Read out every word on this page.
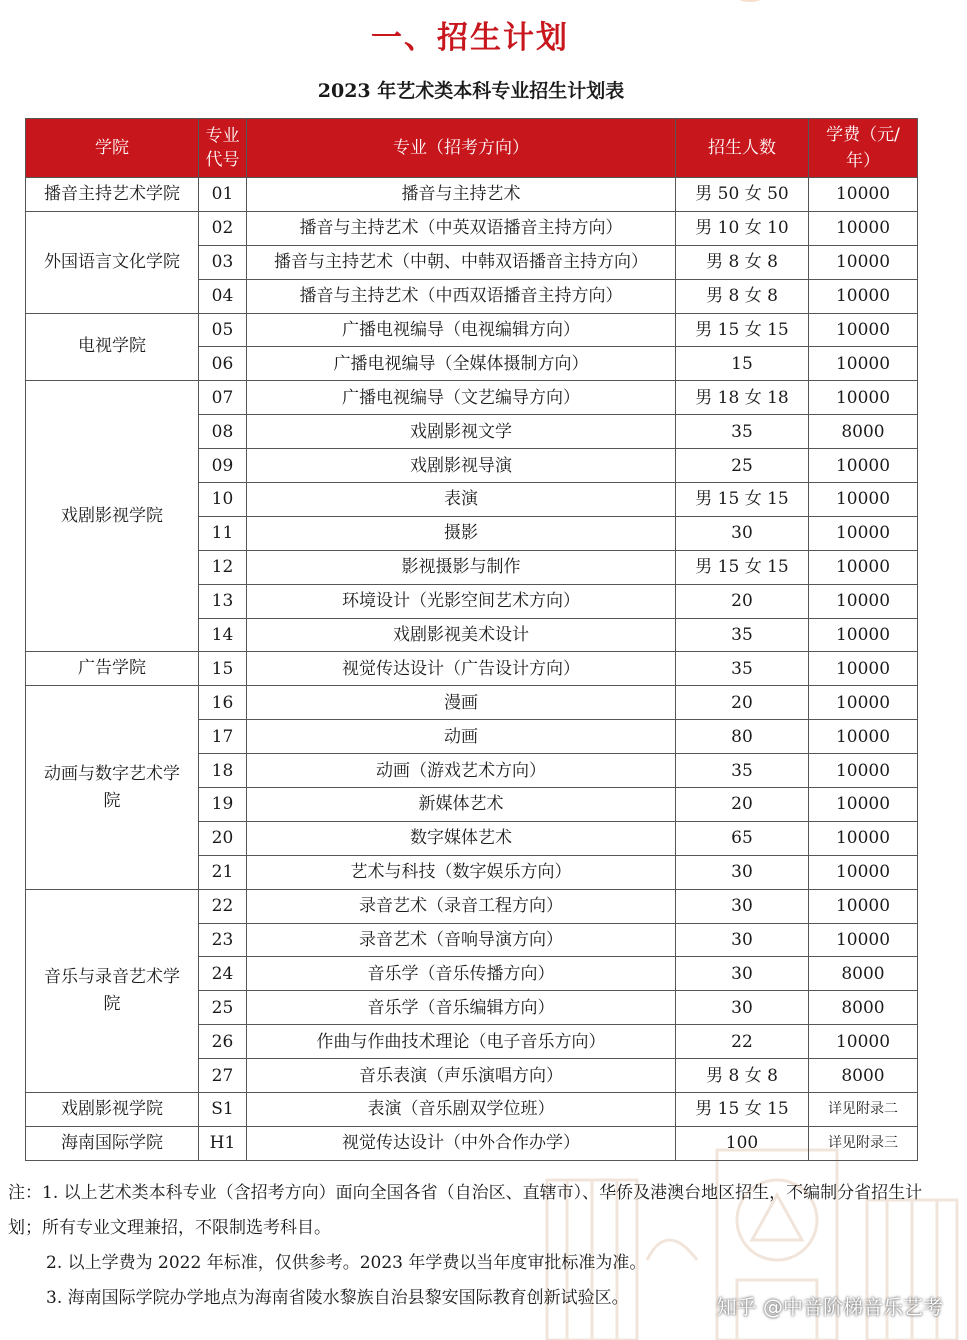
一、招生计划
2023 年艺术类本科专业招生计划表
学院	专业代号	专业（招考方向）	招生人数	学费（元/年）
播音主持艺术学院	01	播音与主持艺术	男 50 女 50	10000
外国语言文化学院	02	播音与主持艺术（中英双语播音主持方向）	男 10 女 10	10000
	03	播音与主持艺术（中朝、中韩双语播音主持方向）	男 8 女 8	10000
	04	播音与主持艺术（中西双语播音主持方向）	男 8 女 8	10000
电视学院	05	广播电视编导（电视编辑方向）	男 15 女 15	10000
	06	广播电视编导（全媒体摄制方向）	15	10000
戏剧影视学院	07	广播电视编导（文艺编导方向）	男 18 女 18	10000
	08	戏剧影视文学	35	8000
	09	戏剧影视导演	25	10000
	10	表演	男 15 女 15	10000
	11	摄影	30	10000
	12	影视摄影与制作	男 15 女 15	10000
	13	环境设计（光影空间艺术方向）	20	10000
	14	戏剧影视美术设计	35	10000
广告学院	15	视觉传达设计（广告设计方向）	35	10000
动画与数字艺术学院	16	漫画	20	10000
	17	动画	80	10000
	18	动画（游戏艺术方向）	35	10000
	19	新媒体艺术	20	10000
	20	数字媒体艺术	65	10000
	21	艺术与科技（数字娱乐方向）	30	10000
音乐与录音艺术学院	22	录音艺术（录音工程方向）	30	10000
	23	录音艺术（音响导演方向）	30	10000
	24	音乐学（音乐传播方向）	30	8000
	25	音乐学（音乐编辑方向）	30	8000
	26	作曲与作曲技术理论（电子音乐方向）	22	10000
	27	音乐表演（声乐演唱方向）	男 8 女 8	8000
戏剧影视学院	S1	表演（音乐剧双学位班）	男 15 女 15	详见附录二
海南国际学院	H1	视觉传达设计（中外合作办学）	100	详见附录三

注：1. 以上艺术类本科专业（含招考方向）面向全国各省（自治区、直辖市）、华侨及港澳台地区招生，不编制分省招生计划；所有专业文理兼招，不限制选考科目。

2. 以上学费为 2022 年标准，仅供参考。2023 年学费以当年度审批标准为准。

3. 海南国际学院办学地点为海南省陵水黎族自治县黎安国际教育创新试验区。	知乎 @中音阶梯音乐艺考
